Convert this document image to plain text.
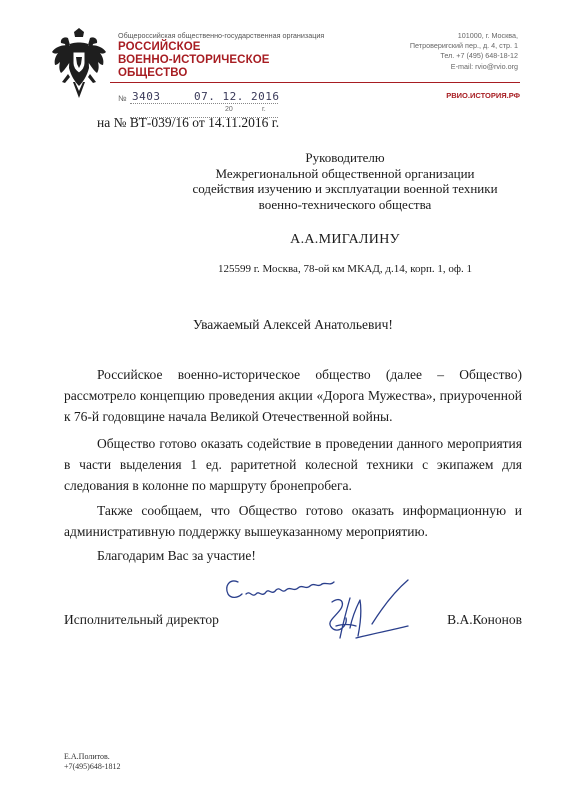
Общероссийская общественно-государственная организация
РОССИЙСКОЕ
ВОЕННО-ИСТОРИЧЕСКОЕ
ОБЩЕСТВО
101000, г. Москва,
Петроверигский пер., д. 4, стр. 1
Тел. +7 (495) 648-18-12
E-mail: rvio@rvio.org
РВИО.ИСТОРИЯ.РФ
№ 3403	07. 12. 2016
20	г.
на № ВТ-039/16 от 14.11.2016 г.
Руководителю
Межрегиональной общественной организации
содействия изучению и эксплуатации военной техники
военно-технического общества
А.А.МИГАЛИНУ
125599 г. Москва, 78-ой км МКАД, д.14, корп. 1, оф. 1
Уважаемый Алексей Анатольевич!

Российское военно-историческое общество (далее – Общество) рассмотрело концепцию проведения акции «Дорога Мужества», приуроченной к 76-й годовщине начала Великой Отечественной войны.

Общество готово оказать содействие в проведении данного мероприятия в части выделения 1 ед. раритетной колесной техники с экипажем для следования в колонне по маршруту бронепробега.

Также сообщаем, что Общество готово оказать информационную и административную поддержку вышеуказанному мероприятию.

Благодарим Вас за участие!

Исполнительный директор	В.А.Кононов
Е.А.Политов.
+7(495)648-1812
